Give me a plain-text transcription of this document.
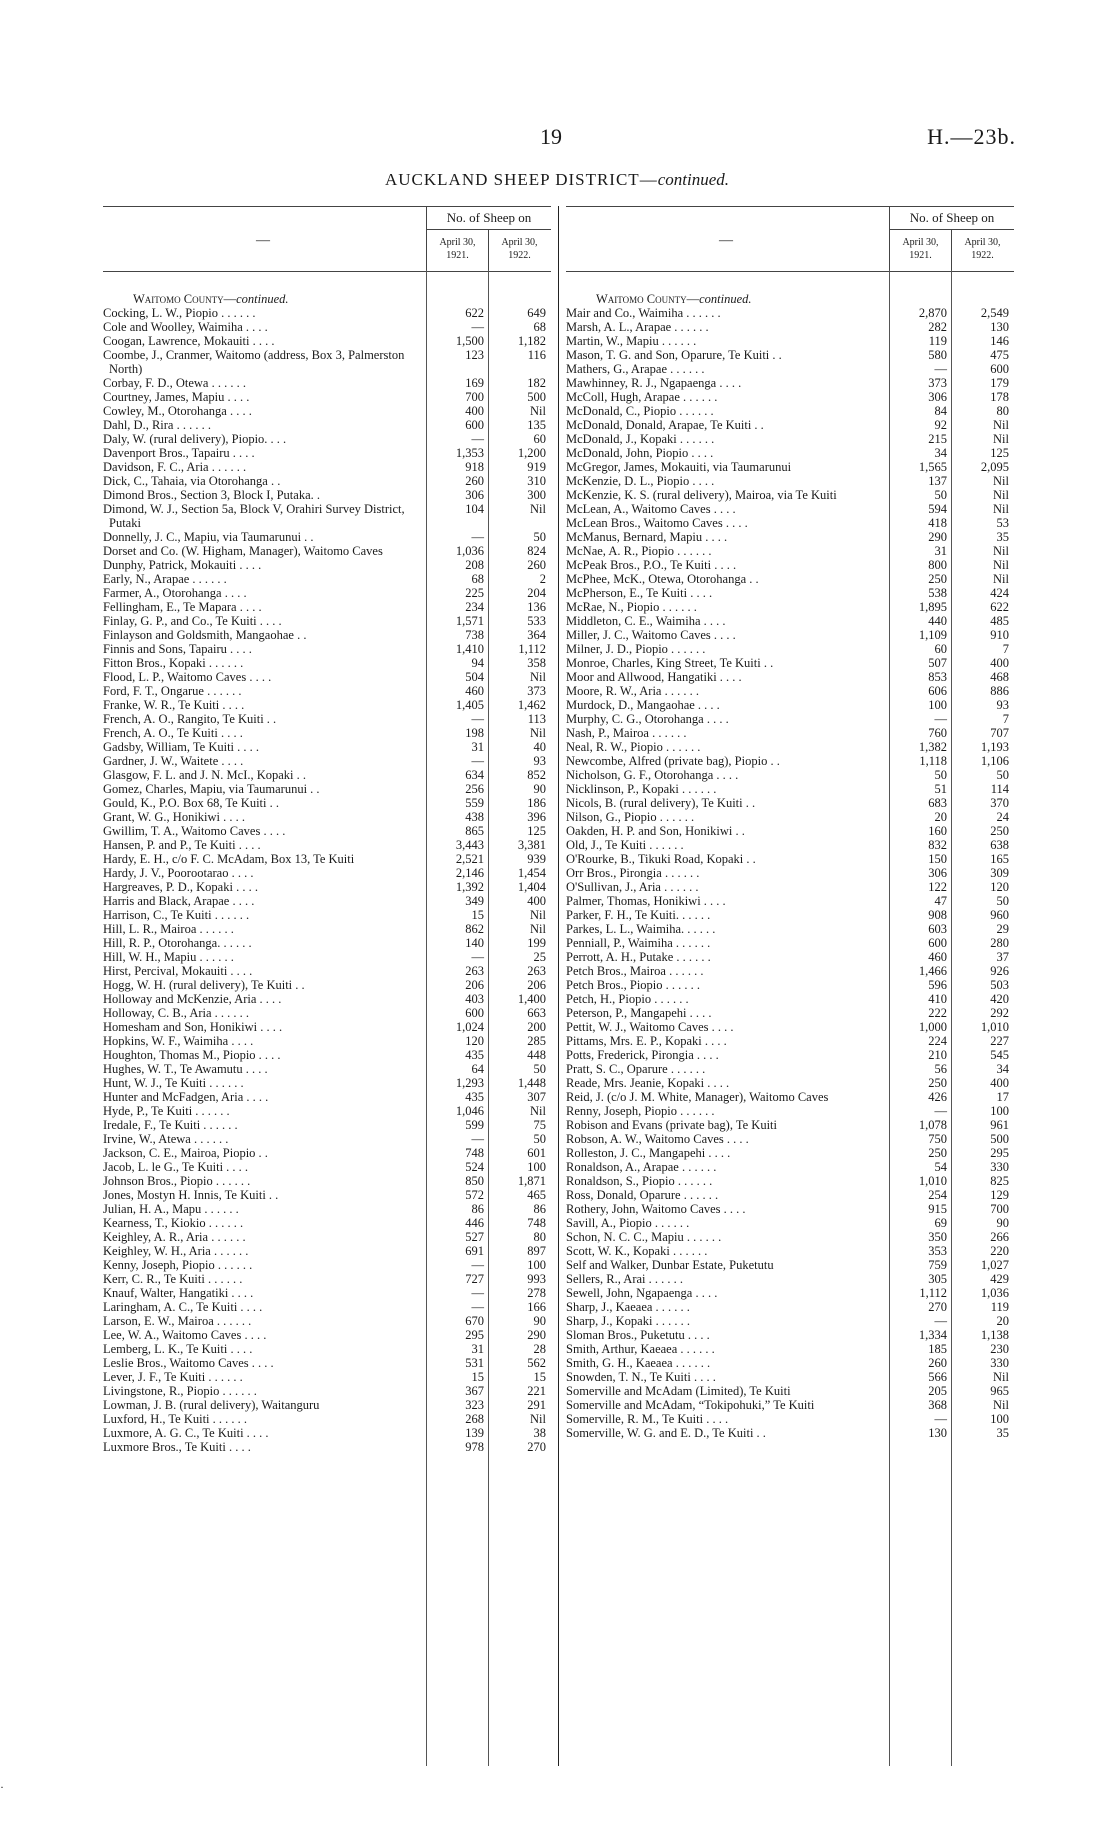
19	H.—23b.
AUCKLAND SHEEP DISTRICT—continued.
—
No. of Sheep on
April 30, 1921.
April 30, 1922.
Waitomo County—continued.
Cocking, L. W., Piopio . . . . . .	622	649
Cole and Woolley, Waimiha . . . .	—	68
Coogan, Lawrence, Mokauiti . . . .	1,500	1,182
Coombe, J., Cranmer, Waitomo (address, Box 3, Palmerston North)
123	116
Corbay, F. D., Otewa . . . . . .	169	182
Courtney, James, Mapiu . . . .	700	500
Cowley, M., Otorohanga . . . .	400	Nil
Dahl, D., Rira . . . . . .	600	135
Daly, W. (rural delivery), Piopio. . . .	—	60
Davenport Bros., Tapairu . . . .	1,353	1,200
Davidson, F. C., Aria . . . . . .	918	919
Dick, C., Tahaia, via Otorohanga . .	260	310
Dimond Bros., Section 3, Block I, Putaka. .	306	300
Dimond, W. J., Section 5a, Block V, Orahiri Survey District, Putaki
104	Nil
Donnelly, J. C., Mapiu, via Taumarunui . .	—	50
Dorset and Co. (W. Higham, Manager), Waitomo Caves	1,036	824
Dunphy, Patrick, Mokauiti . . . .	208	260
Early, N., Arapae . . . . . .	68	2
Farmer, A., Otorohanga . . . .	225	204
Fellingham, E., Te Mapara . . . .	234	136
Finlay, G. P., and Co., Te Kuiti . . . .	1,571	533
Finlayson and Goldsmith, Mangaohae . .	738	364
Finnis and Sons, Tapairu . . . .	1,410	1,112
Fitton Bros., Kopaki . . . . . .	94	358
Flood, L. P., Waitomo Caves . . . .	504	Nil
Ford, F. T., Ongarue . . . . . .	460	373
Franke, W. R., Te Kuiti . . . .	1,405	1,462
French, A. O., Rangito, Te Kuiti . .	—	113
French, A. O., Te Kuiti . . . .	198	Nil
Gadsby, William, Te Kuiti . . . .	31	40
Gardner, J. W., Waitete . . . .	—	93
Glasgow, F. L. and J. N. McI., Kopaki . .	634	852
Gomez, Charles, Mapiu, via Taumarunui . .	256	90
Gould, K., P.O. Box 68, Te Kuiti . .	559	186
Grant, W. G., Honikiwi . . . .	438	396
Gwillim, T. A., Waitomo Caves . . . .	865	125
Hansen, P. and P., Te Kuiti . . . .	3,443	3,381
Hardy, E. H., c/o F. C. McAdam, Box 13, Te Kuiti	2,521	939
Hardy, J. V., Poorootarao . . . .	2,146	1,454
Hargreaves, P. D., Kopaki . . . .	1,392	1,404
Harris and Black, Arapae . . . .	349	400
Harrison, C., Te Kuiti . . . . . .	15	Nil
Hill, L. R., Mairoa . . . . . .	862	Nil
Hill, R. P., Otorohanga. . . . . .	140	199
Hill, W. H., Mapiu . . . . . .	—	25
Hirst, Percival, Mokauiti . . . .	263	263
Hogg, W. H. (rural delivery), Te Kuiti . .	206	206
Holloway and McKenzie, Aria . . . .	403	1,400
Holloway, C. B., Aria . . . . . .	600	663
Homesham and Son, Honikiwi . . . .	1,024	200
Hopkins, W. F., Waimiha . . . .	120	285
Houghton, Thomas M., Piopio . . . .	435	448
Hughes, W. T., Te Awamutu . . . .	64	50
Hunt, W. J., Te Kuiti . . . . . .	1,293	1,448
Hunter and McFadgen, Aria . . . .	435	307
Hyde, P., Te Kuiti . . . . . .	1,046	Nil
Iredale, F., Te Kuiti . . . . . .	599	75
Irvine, W., Atewa . . . . . .	—	50
Jackson, C. E., Mairoa, Piopio . .	748	601
Jacob, L. le G., Te Kuiti . . . .	524	100
Johnson Bros., Piopio . . . . . .	850	1,871
Jones, Mostyn H. Innis, Te Kuiti . .	572	465
Julian, H. A., Mapu . . . . . .	86	86
Kearness, T., Kiokio . . . . . .	446	748
Keighley, A. R., Aria . . . . . .	527	80
Keighley, W. H., Aria . . . . . .	691	897
Kenny, Joseph, Piopio . . . . . .	—	100
Kerr, C. R., Te Kuiti . . . . . .	727	993
Knauf, Walter, Hangatiki . . . .	—	278
Laringham, A. C., Te Kuiti . . . .	—	166
Larson, E. W., Mairoa . . . . . .	670	90
Lee, W. A., Waitomo Caves . . . .	295	290
Lemberg, L. K., Te Kuiti . . . .	31	28
Leslie Bros., Waitomo Caves . . . .	531	562
Lever, J. F., Te Kuiti . . . . . .	15	15
Livingstone, R., Piopio . . . . . .	367	221
Lowman, J. B. (rural delivery), Waitanguru	323	291
Luxford, H., Te Kuiti . . . . . .	268	Nil
Luxmore, A. G. C., Te Kuiti . . . .	139	38
Luxmore Bros., Te Kuiti . . . .	978	270
—
No. of Sheep on
April 30, 1921.
April 30, 1922.
Waitomo County—continued.
Mair and Co., Waimiha . . . . . .	2,870	2,549
Marsh, A. L., Arapae . . . . . .	282	130
Martin, W., Mapiu . . . . . .	119	146
Mason, T. G. and Son, Oparure, Te Kuiti . .	580	475
Mathers, G., Arapae . . . . . .	—	600
Mawhinney, R. J., Ngapaenga . . . .	373	179
McColl, Hugh, Arapae . . . . . .	306	178
McDonald, C., Piopio . . . . . .	84	80
McDonald, Donald, Arapae, Te Kuiti . .	92	Nil
McDonald, J., Kopaki . . . . . .	215	Nil
McDonald, John, Piopio . . . .	34	125
McGregor, James, Mokauiti, via Taumarunui	1,565	2,095
McKenzie, D. L., Piopio . . . .	137	Nil
McKenzie, K. S. (rural delivery), Mairoa, via Te Kuiti	50	Nil
McLean, A., Waitomo Caves . . . .	594	Nil
McLean Bros., Waitomo Caves . . . .	418	53
McManus, Bernard, Mapiu . . . .	290	35
McNae, A. R., Piopio . . . . . .	31	Nil
McPeak Bros., P.O., Te Kuiti . . . .	800	Nil
McPhee, McK., Otewa, Otorohanga . .	250	Nil
McPherson, E., Te Kuiti . . . .	538	424
McRae, N., Piopio . . . . . .	1,895	622
Middleton, C. E., Waimiha . . . .	440	485
Miller, J. C., Waitomo Caves . . . .	1,109	910
Milner, J. D., Piopio . . . . . .	60	7
Monroe, Charles, King Street, Te Kuiti . .	507	400
Moor and Allwood, Hangatiki . . . .	853	468
Moore, R. W., Aria . . . . . .	606	886
Murdock, D., Mangaohae . . . .	100	93
Murphy, C. G., Otorohanga . . . .	—	7
Nash, P., Mairoa . . . . . .	760	707
Neal, R. W., Piopio . . . . . .	1,382	1,193
Newcombe, Alfred (private bag), Piopio . .	1,118	1,106
Nicholson, G. F., Otorohanga . . . .	50	50
Nicklinson, P., Kopaki . . . . . .	51	114
Nicols, B. (rural delivery), Te Kuiti . .	683	370
Nilson, G., Piopio . . . . . .	20	24
Oakden, H. P. and Son, Honikiwi . .	160	250
Old, J., Te Kuiti . . . . . .	832	638
O'Rourke, B., Tikuki Road, Kopaki . .	150	165
Orr Bros., Pirongia . . . . . .	306	309
O'Sullivan, J., Aria . . . . . .	122	120
Palmer, Thomas, Honikiwi . . . .	47	50
Parker, F. H., Te Kuiti. . . . . .	908	960
Parkes, L. L., Waimiha. . . . . .	603	29
Penniall, P., Waimiha . . . . . .	600	280
Perrott, A. H., Putake . . . . . .	460	37
Petch Bros., Mairoa . . . . . .	1,466	926
Petch Bros., Piopio . . . . . .	596	503
Petch, H., Piopio . . . . . .	410	420
Peterson, P., Mangapehi . . . .	222	292
Pettit, W. J., Waitomo Caves . . . .	1,000	1,010
Pittams, Mrs. E. P., Kopaki . . . .	224	227
Potts, Frederick, Pirongia . . . .	210	545
Pratt, S. C., Oparure . . . . . .	56	34
Reade, Mrs. Jeanie, Kopaki . . . .	250	400
Reid, J. (c/o J. M. White, Manager), Waitomo Caves	426	17
Renny, Joseph, Piopio . . . . . .	—	100
Robison and Evans (private bag), Te Kuiti	1,078	961
Robson, A. W., Waitomo Caves . . . .	750	500
Rolleston, J. C., Mangapehi . . . .	250	295
Ronaldson, A., Arapae . . . . . .	54	330
Ronaldson, S., Piopio . . . . . .	1,010	825
Ross, Donald, Oparure . . . . . .	254	129
Rothery, John, Waitomo Caves . . . .	915	700
Savill, A., Piopio . . . . . .	69	90
Schon, N. C. C., Mapiu . . . . . .	350	266
Scott, W. K., Kopaki . . . . . .	353	220
Self and Walker, Dunbar Estate, Puketutu	759	1,027
Sellers, R., Arai . . . . . .	305	429
Sewell, John, Ngapaenga . . . .	1,112	1,036
Sharp, J., Kaeaea . . . . . .	270	119
Sharp, J., Kopaki . . . . . .	—	20
Sloman Bros., Puketutu . . . .	1,334	1,138
Smith, Arthur, Kaeaea . . . . . .	185	230
Smith, G. H., Kaeaea . . . . . .	260	330
Snowden, T. N., Te Kuiti . . . .	566	Nil
Somerville and McAdam (Limited), Te Kuiti	205	965
Somerville and McAdam, “Tokipohuki,” Te Kuiti	368	Nil
Somerville, R. M., Te Kuiti . . . .	—	100
Somerville, W. G. and E. D., Te Kuiti . .	130	35
·
